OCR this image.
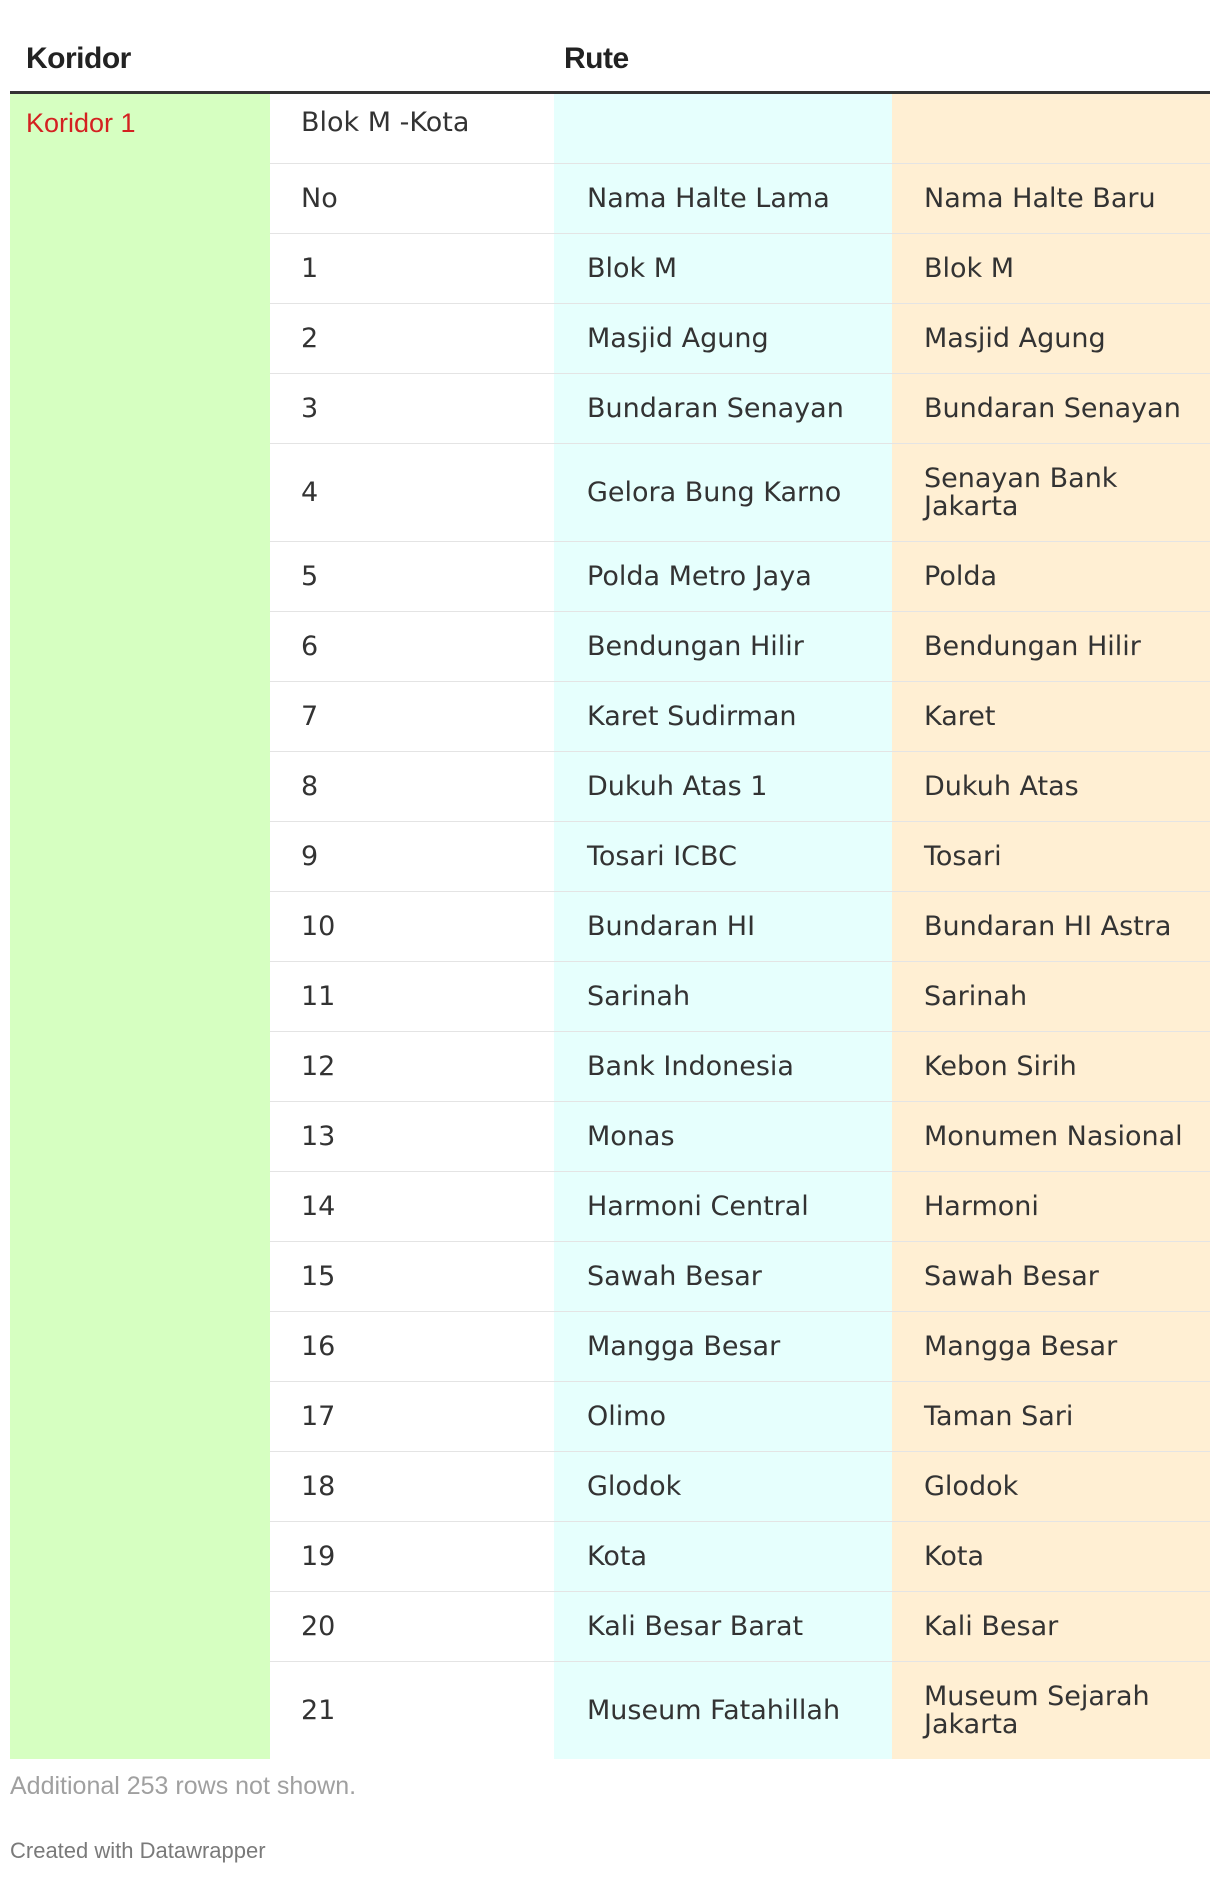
Koridor	Rute
Koridor 1	Blok M -Kota
No	Nama Halte Lama	Nama Halte Baru
1	Blok M	Blok M
2	Masjid Agung	Masjid Agung
3	Bundaran Senayan	Bundaran Senayan
4	Gelora Bung Karno	Senayan Bank Jakarta
5	Polda Metro Jaya	Polda
6	Bendungan Hilir	Bendungan Hilir
7	Karet Sudirman	Karet
8	Dukuh Atas 1	Dukuh Atas
9	Tosari ICBC	Tosari
10	Bundaran HI	Bundaran HI Astra
11	Sarinah	Sarinah
12	Bank Indonesia	Kebon Sirih
13	Monas	Monumen Nasional
14	Harmoni Central	Harmoni
15	Sawah Besar	Sawah Besar
16	Mangga Besar	Mangga Besar
17	Olimo	Taman Sari
18	Glodok	Glodok
19	Kota	Kota
20	Kali Besar Barat	Kali Besar
21	Museum Fatahillah	Museum Sejarah Jakarta
Additional 253 rows not shown.
Created with Datawrapper
